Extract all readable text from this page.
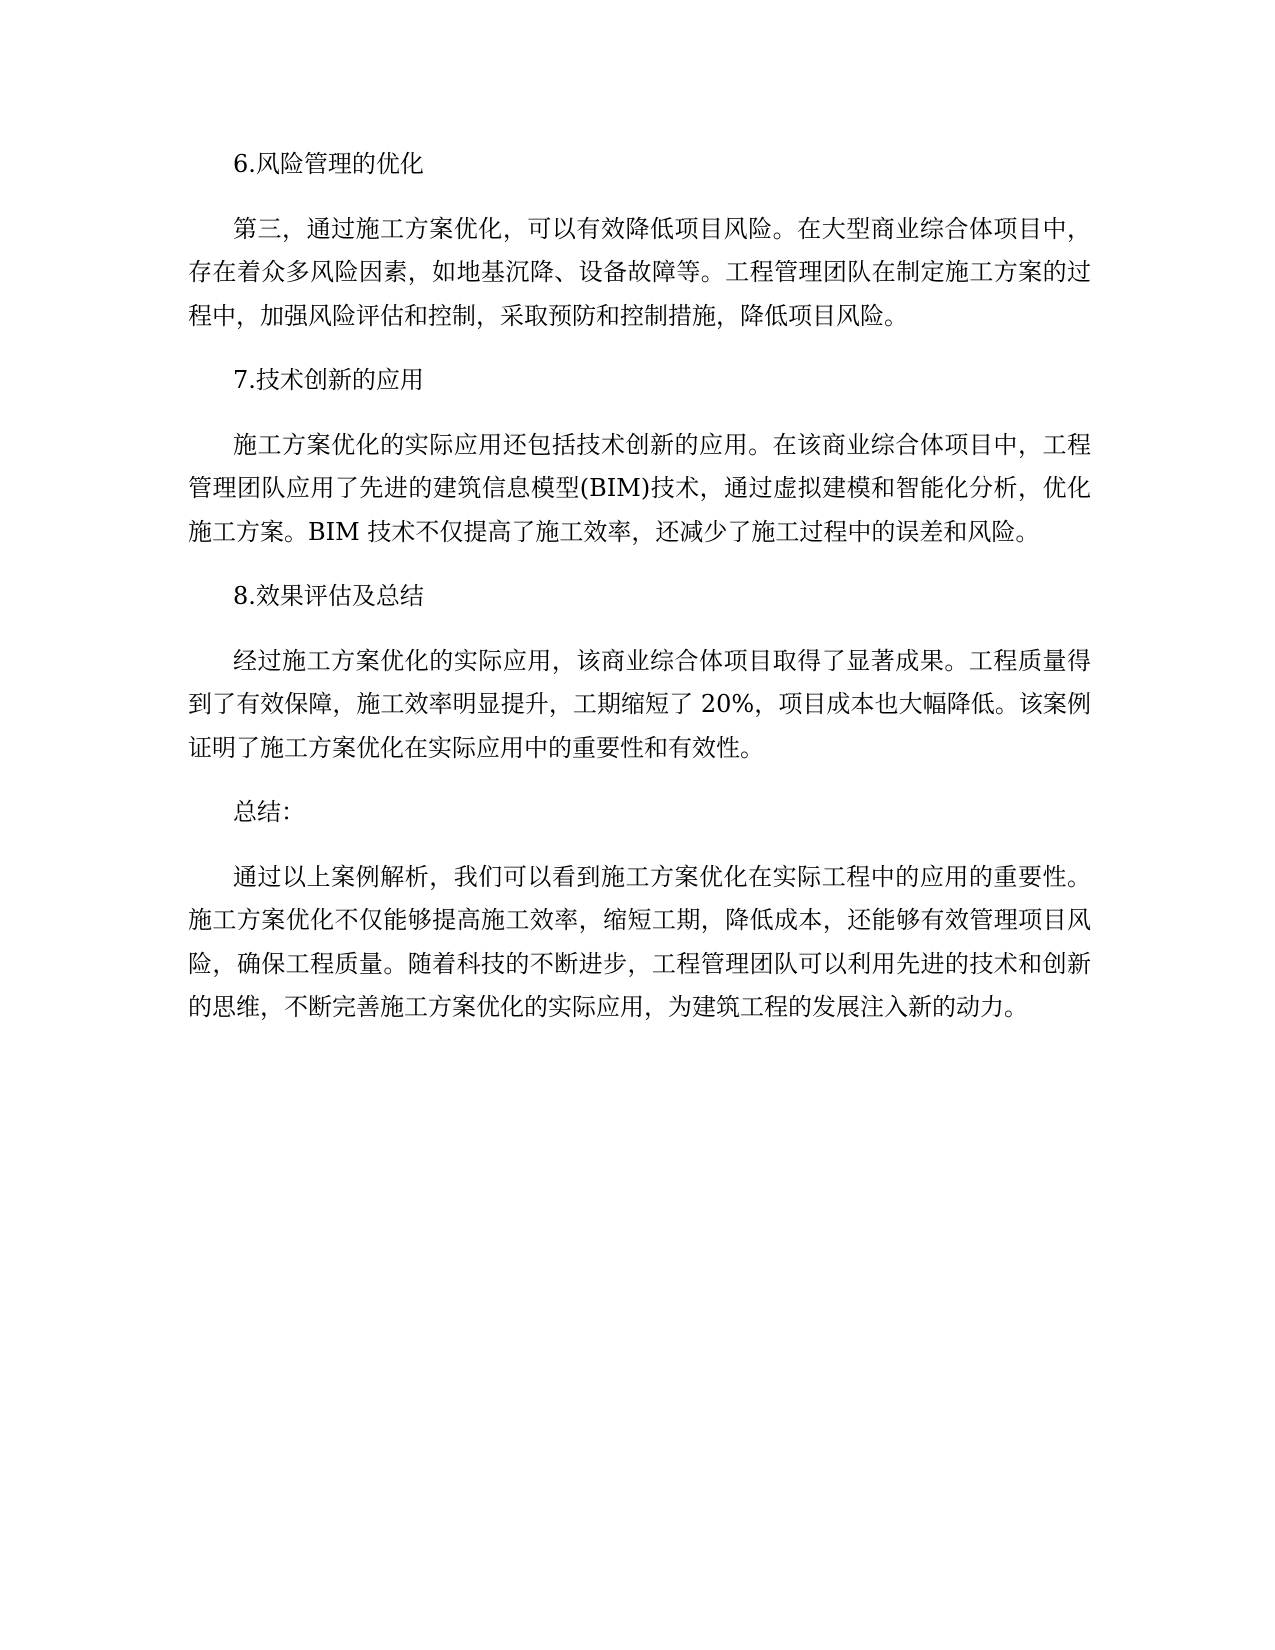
6.风险管理的优化

第三，通过施工方案优化，可以有效降低项目风险。在大型商业综合体项目中，存在着众多风险因素，如地基沉降、设备故障等。工程管理团队在制定施工方案的过程中，加强风险评估和控制，采取预防和控制措施，降低项目风险。

7.技术创新的应用

施工方案优化的实际应用还包括技术创新的应用。在该商业综合体项目中，工程管理团队应用了先进的建筑信息模型(BIM)技术，通过虚拟建模和智能化分析，优化施工方案。BIM 技术不仅提高了施工效率，还减少了施工过程中的误差和风险。

8.效果评估及总结

经过施工方案优化的实际应用，该商业综合体项目取得了显著成果。工程质量得到了有效保障，施工效率明显提升，工期缩短了 20%，项目成本也大幅降低。该案例证明了施工方案优化在实际应用中的重要性和有效性。

总结：

通过以上案例解析，我们可以看到施工方案优化在实际工程中的应用的重要性。施工方案优化不仅能够提高施工效率，缩短工期，降低成本，还能够有效管理项目风险，确保工程质量。随着科技的不断进步，工程管理团队可以利用先进的技术和创新的思维，不断完善施工方案优化的实际应用，为建筑工程的发展注入新的动力。
